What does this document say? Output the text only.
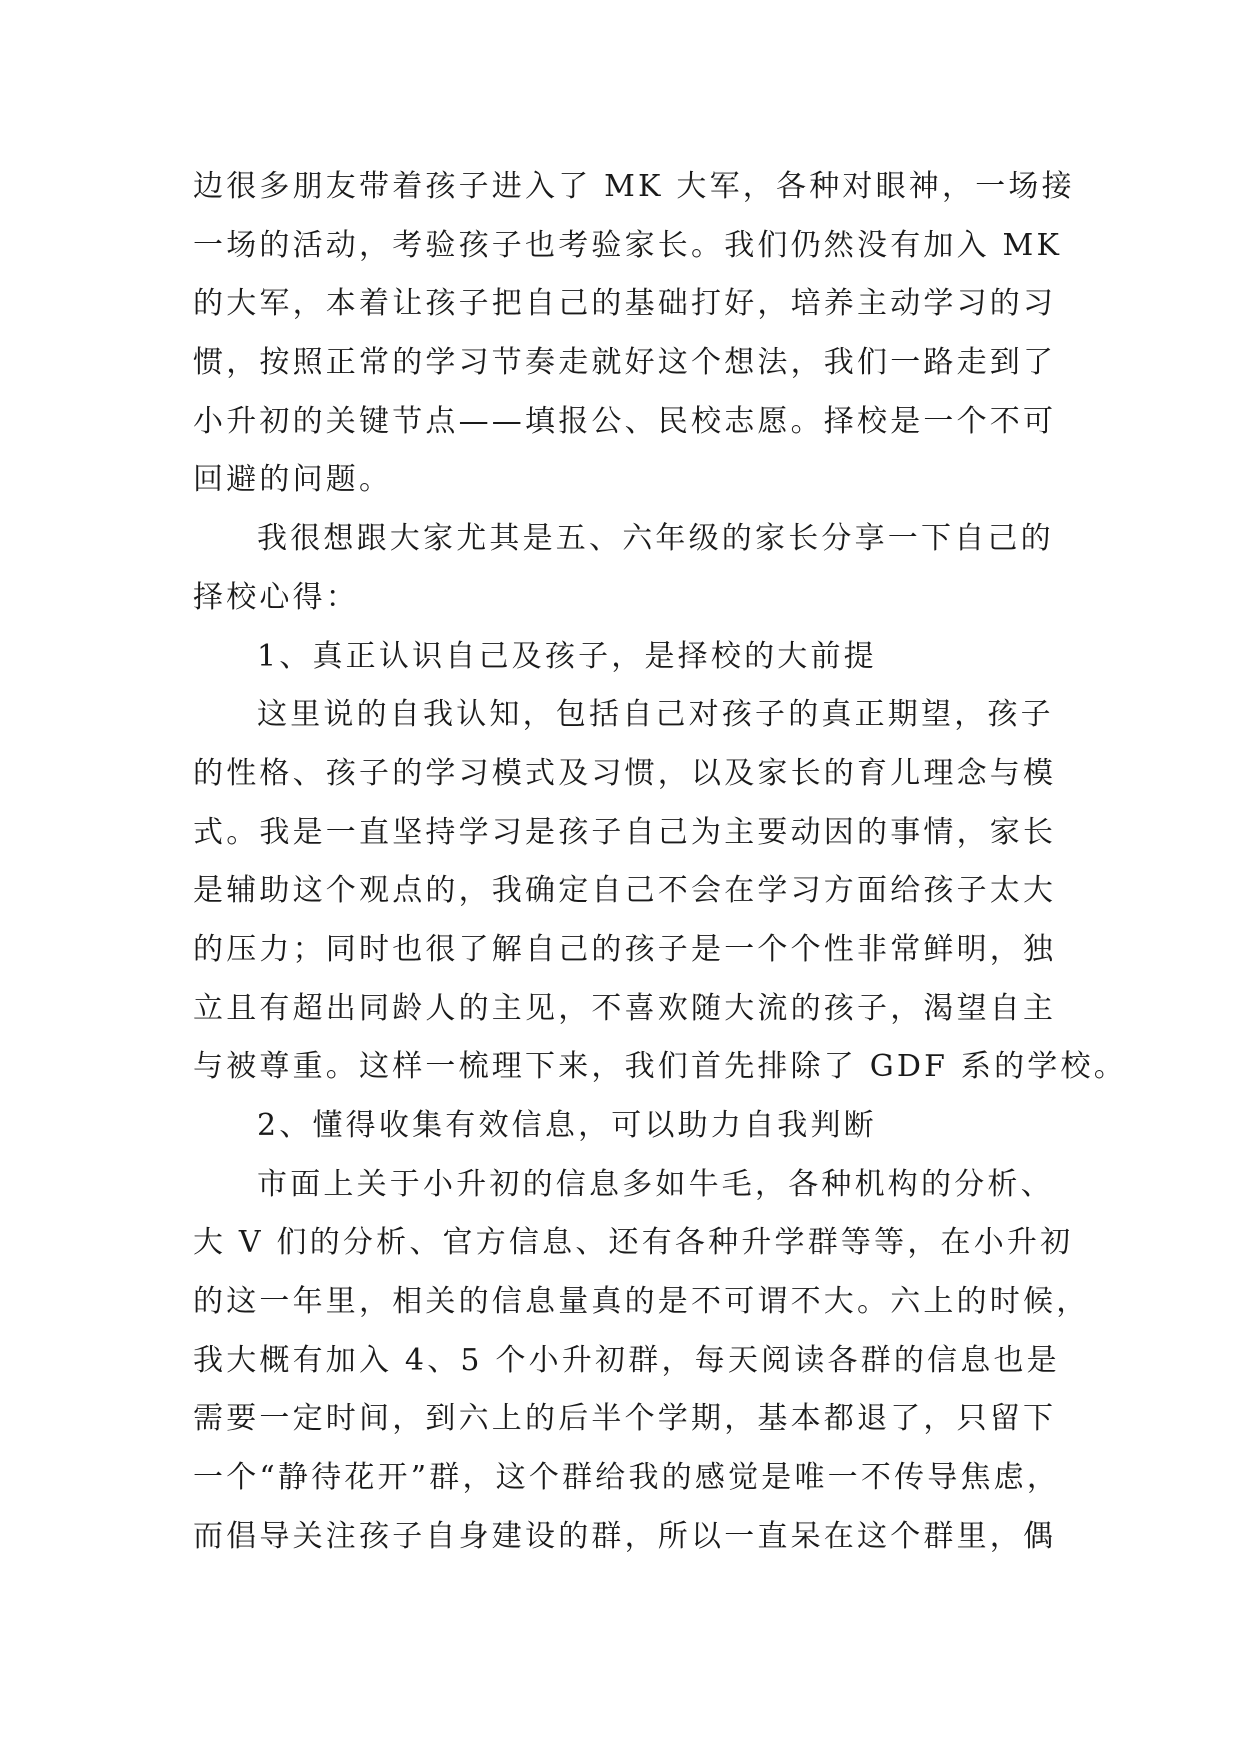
边很多朋友带着孩子进入了 MK 大军，各种对眼神，一场接
一场的活动，考验孩子也考验家长。我们仍然没有加入 MK
的大军，本着让孩子把自己的基础打好，培养主动学习的习
惯，按照正常的学习节奏走就好这个想法，我们一路走到了
小升初的关键节点——填报公、民校志愿。择校是一个不可
回避的问题。
我很想跟大家尤其是五、六年级的家长分享一下自己的
择校心得：
1、真正认识自己及孩子，是择校的大前提
这里说的自我认知，包括自己对孩子的真正期望，孩子
的性格、孩子的学习模式及习惯，以及家长的育儿理念与模
式。我是一直坚持学习是孩子自己为主要动因的事情，家长
是辅助这个观点的，我确定自己不会在学习方面给孩子太大
的压力；同时也很了解自己的孩子是一个个性非常鲜明，独
立且有超出同龄人的主见，不喜欢随大流的孩子，渴望自主
与被尊重。这样一梳理下来，我们首先排除了 GDF 系的学校。
2、懂得收集有效信息，可以助力自我判断
市面上关于小升初的信息多如牛毛，各种机构的分析、
大 V 们的分析、官方信息、还有各种升学群等等，在小升初
的这一年里，相关的信息量真的是不可谓不大。六上的时候，
我大概有加入 4、5 个小升初群，每天阅读各群的信息也是
需要一定时间，到六上的后半个学期，基本都退了，只留下
一个“静待花开”群，这个群给我的感觉是唯一不传导焦虑，
而倡导关注孩子自身建设的群，所以一直呆在这个群里，偶
